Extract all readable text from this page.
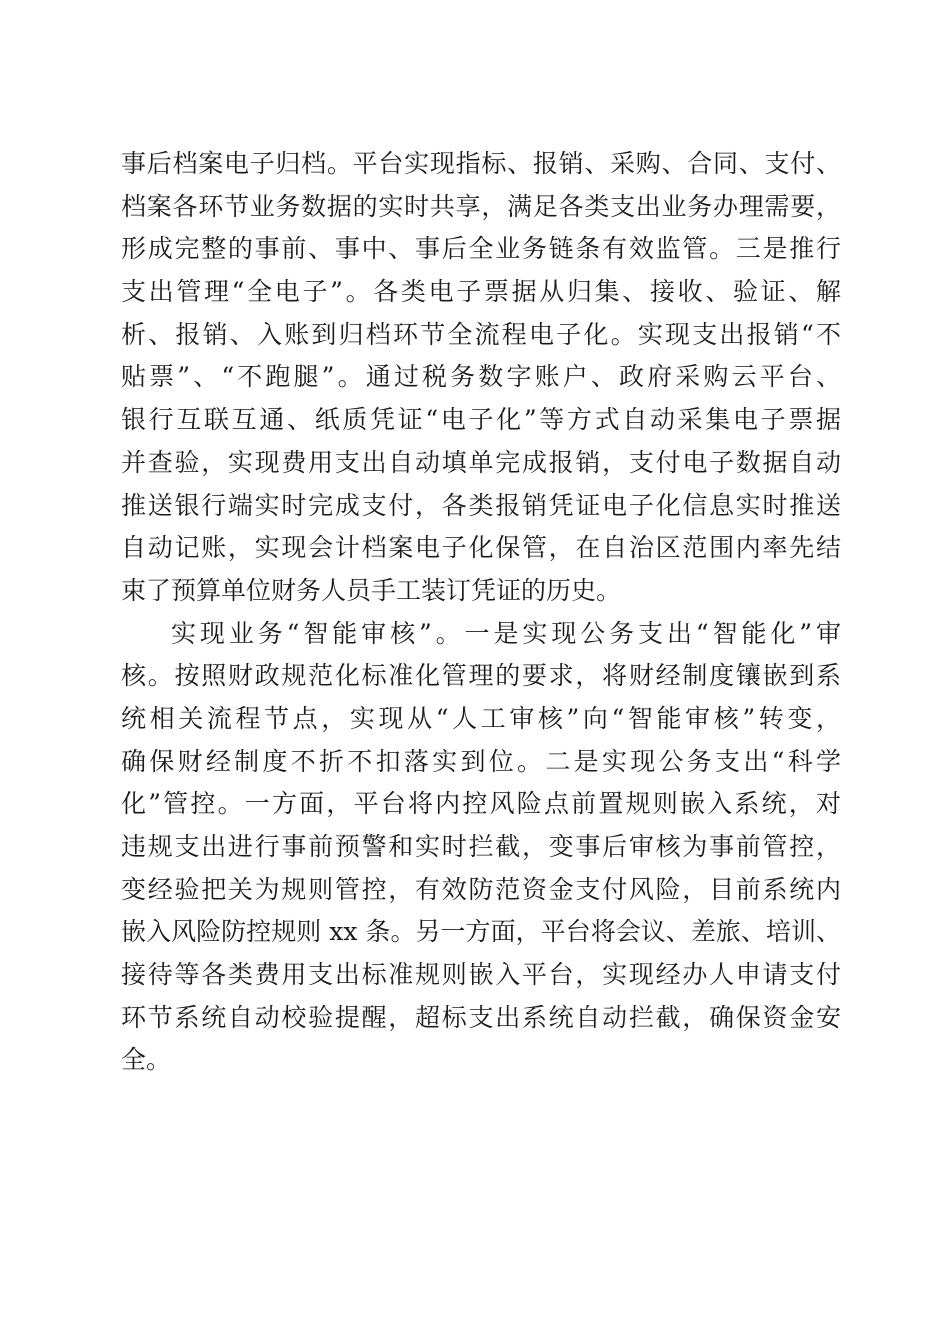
事后档案电子归档。平台实现指标、报销、采购、合同、支付、
档案各环节业务数据的实时共享，满足各类支出业务办理需要，
形成完整的事前、事中、事后全业务链条有效监管。三是推行
支出管理“全电子”。各类电子票据从归集、接收、验证、解
析、报销、入账到归档环节全流程电子化。实现支出报销“不
贴票”、“不跑腿”。通过税务数字账户、政府采购云平台、
银行互联互通、纸质凭证“电子化”等方式自动采集电子票据
并查验，实现费用支出自动填单完成报销，支付电子数据自动
推送银行端实时完成支付，各类报销凭证电子化信息实时推送
自动记账，实现会计档案电子化保管，在自治区范围内率先结
束了预算单位财务人员手工装订凭证的历史。
实现业务“智能审核”。一是实现公务支出“智能化”审
核。按照财政规范化标准化管理的要求，将财经制度镶嵌到系
统相关流程节点，实现从“人工审核”向“智能审核”转变，
确保财经制度不折不扣落实到位。二是实现公务支出“科学
化”管控。一方面，平台将内控风险点前置规则嵌入系统，对
违规支出进行事前预警和实时拦截，变事后审核为事前管控，
变经验把关为规则管控，有效防范资金支付风险，目前系统内
嵌入风险防控规则 xx 条。另一方面，平台将会议、差旅、培训、
接待等各类费用支出标准规则嵌入平台，实现经办人申请支付
环节系统自动校验提醒，超标支出系统自动拦截，确保资金安
全。
